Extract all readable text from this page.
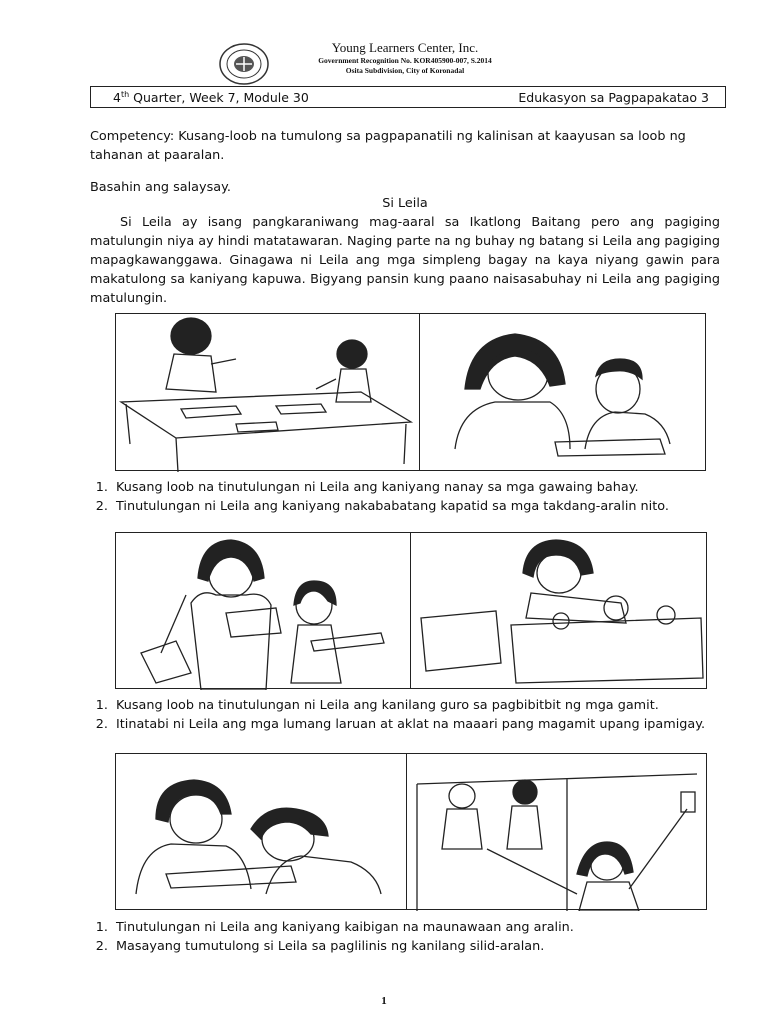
Young Learners Center, Inc.
Government Recognition No. KOR405900-007, S.2014
Osita Subdivision, City of Koronadal
4th Quarter, Week 7, Module 30	Edukasyon sa Pagpapakatao 3
Competency: Kusang-loob na tumulong sa pagpapanatili ng kalinisan at kaayusan sa loob ng tahanan at paaralan.
Basahin ang salaysay.
Si Leila
Si Leila ay isang pangkaraniwang mag-aaral sa Ikatlong Baitang pero ang pagiging matulungin niya ay hindi matatawaran. Naging parte na ng buhay ng batang si Leila ang pagiging mapagkawanggawa. Ginagawa ni Leila ang mga simpleng bagay na kaya niyang gawin para makatulong sa kaniyang kapuwa. Bigyang pansin kung paano naisasabuhay ni Leila ang pagiging matulungin.
1. Kusang loob na tinutulungan ni Leila ang kaniyang nanay sa mga gawaing bahay.
2. Tinutulungan ni Leila ang kaniyang nakababatang kapatid sa mga takdang-aralin nito.
1. Kusang loob na tinutulungan ni Leila ang kanilang guro sa pagbibitbit ng mga gamit.
2. Itinatabi ni Leila ang mga lumang laruan at aklat na maaari pang magamit upang ipamigay.
1. Tinutulungan ni Leila ang kaniyang kaibigan na maunawaan ang aralin.
2. Masayang tumutulong si Leila sa paglilinis ng kanilang silid-aralan.
1
